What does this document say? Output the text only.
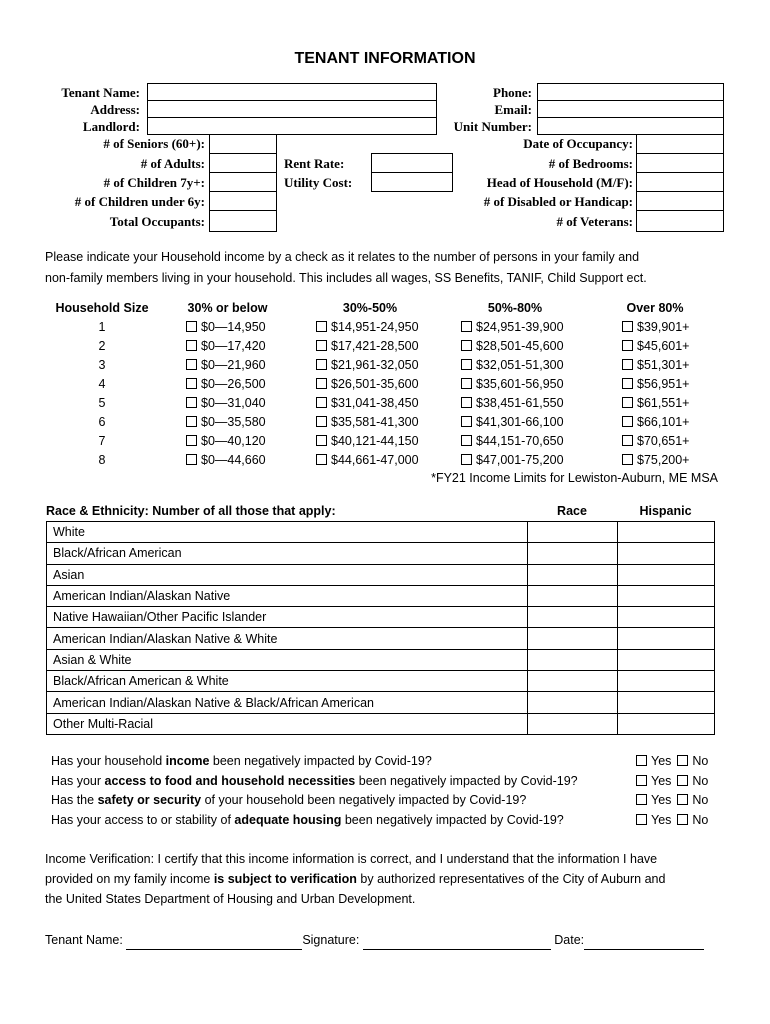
TENANT INFORMATION
Tenant Name:
Address:
Landlord:
Phone:
Email:
Unit Number:
# of Seniors (60+):
# of Adults:
# of Children 7y+:
# of Children under 6y:
Total Occupants:
Rent Rate:
Utility Cost:
Date of Occupancy:
# of Bedrooms:
Head of Household (M/F):
# of Disabled or Handicap:
# of Veterans:
Please indicate your Household income by a check as it relates to the number of persons in your family and
non-family members living in your household. This includes all wages, SS Benefits, TANIF, Child Support ect.
Household Size	30% or below	30%-50%	50%-80%	Over 80%
1	$0—14,950	$14,951-24,950	$24,951-39,900	$39,901+
2	$0—17,420	$17,421-28,500	$28,501-45,600	$45,601+
3	$0—21,960	$21,961-32,050	$32,051-51,300	$51,301+
4	$0—26,500	$26,501-35,600	$35,601-56,950	$56,951+
5	$0—31,040	$31,041-38,450	$38,451-61,550	$61,551+
6	$0—35,580	$35,581-41,300	$41,301-66,100	$66,101+
7	$0—40,120	$40,121-44,150	$44,151-70,650	$70,651+
8	$0—44,660	$44,661-47,000	$47,001-75,200	$75,200+
*FY21 Income Limits for Lewiston-Auburn, ME MSA
Race & Ethnicity: Number of all those that apply:	Race	Hispanic
White		
Black/African American		
Asian		
American Indian/Alaskan Native		
Native Hawaiian/Other Pacific Islander		
American Indian/Alaskan Native & White		
Asian & White		
Black/African American & White		
American Indian/Alaskan Native & Black/African American		
Other Multi-Racial		
Has your household income been negatively impacted by Covid-19?	Yes No
Has your access to food and household necessities been negatively impacted by Covid-19?	Yes No
Has the safety or security of your household been negatively impacted by Covid-19?	Yes No
Has your access to or stability of adequate housing been negatively impacted by Covid-19?	Yes No
Income Verification: I certify that this income information is correct, and I understand that the information I have
provided on my family income is subject to verification by authorized representatives of the City of Auburn and
the United States Department of Housing and Urban Development.
Tenant Name:	Signature:	Date:
